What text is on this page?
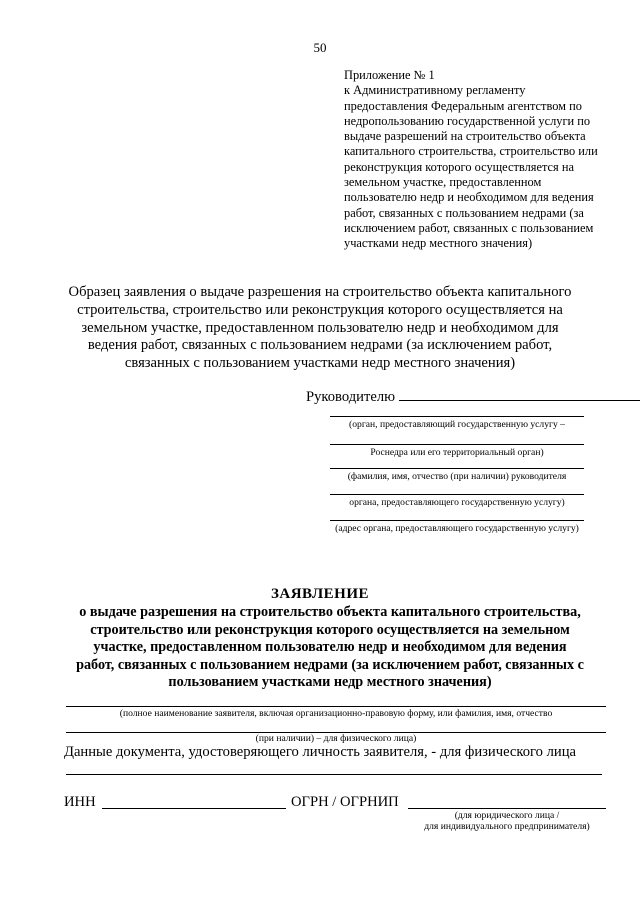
50
Приложение № 1
к Административному регламенту
предоставления Федеральным агентством по
недропользованию государственной услуги по
выдаче разрешений на строительство объекта
капитального строительства, строительство или
реконструкция которого осуществляется на
земельном участке, предоставленном
пользователю недр и необходимом для ведения
работ, связанных с пользованием недрами (за
исключением работ, связанных с пользованием
участками недр местного значения)
Образец заявления о выдаче разрешения на строительство объекта капитального
строительства, строительство или реконструкция которого осуществляется на
земельном участке, предоставленном пользователю недр и необходимом для
ведения работ, связанных с пользованием недрами (за исключением работ,
связанных с пользованием участками недр местного значения)
Руководителю
(орган, предоставляющий государственную услугу –
Роснедра или его территориальный орган)
(фамилия, имя, отчество (при наличии) руководителя
органа, предоставляющего государственную услугу)
(адрес органа, предоставляющего государственную услугу)
ЗАЯВЛЕНИЕ
о выдаче разрешения на строительство объекта капитального строительства,
строительство или реконструкция которого осуществляется на земельном
участке, предоставленном пользователю недр и необходимом для ведения
работ, связанных с пользованием недрами (за исключением работ, связанных с
пользованием участками недр местного значения)
(полное наименование заявителя, включая организационно-правовую форму, или фамилия, имя, отчество
(при наличии) – для физического лица)
Данные документа, удостоверяющего личность заявителя, - для физического лица
ИНН	ОГРН / ОГРНИП
(для юридического лица /
для индивидуального предпринимателя)
